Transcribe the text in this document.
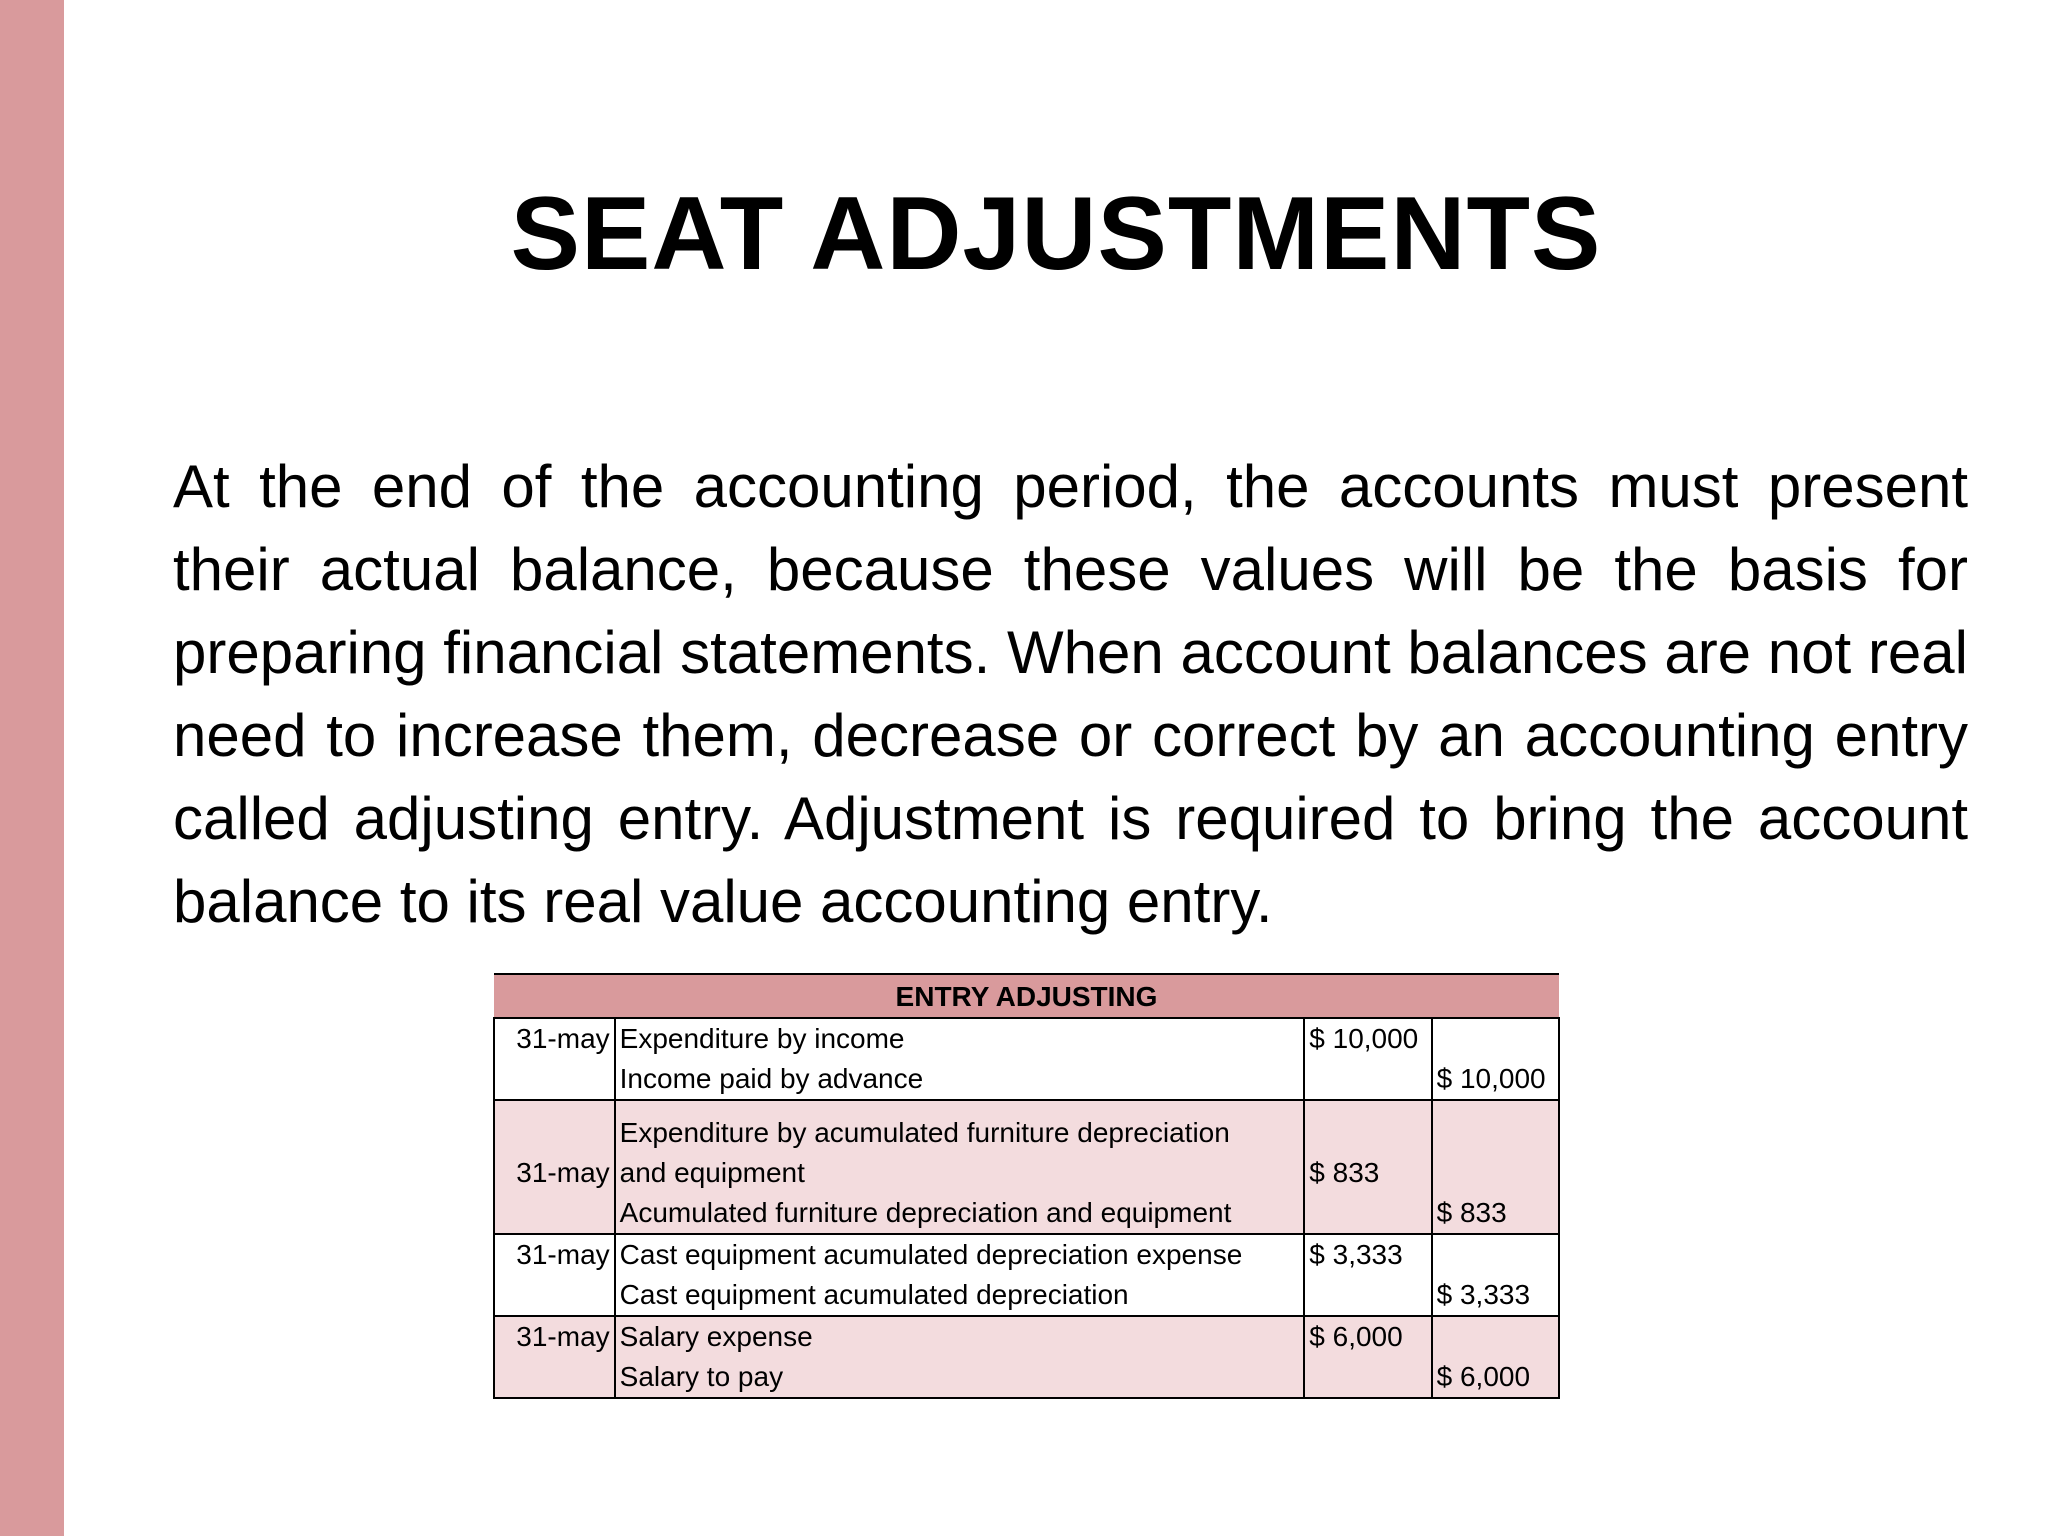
SEAT ADJUSTMENTS

At the end of the accounting period, the accounts must present their actual balance, because these values will be the basis for preparing financial statements. When account balances are not real need to increase them, decrease or correct by an accounting entry called adjusting entry. Adjustment is required to bring the account balance to its real value accounting entry.

ENTRY ADJUSTING			
31-may	Expenditure by income	$ 10,000	
	Income paid by advance		$ 10,000
	Expenditure by acumulated furniture depreciation		
31-may	and equipment	$ 833	
	Acumulated furniture depreciation and equipment		$ 833
31-may	Cast equipment acumulated depreciation expense	$ 3,333	
	Cast equipment acumulated depreciation		$ 3,333
31-may	Salary expense	$ 6,000	
	Salary to pay		$ 6,000
